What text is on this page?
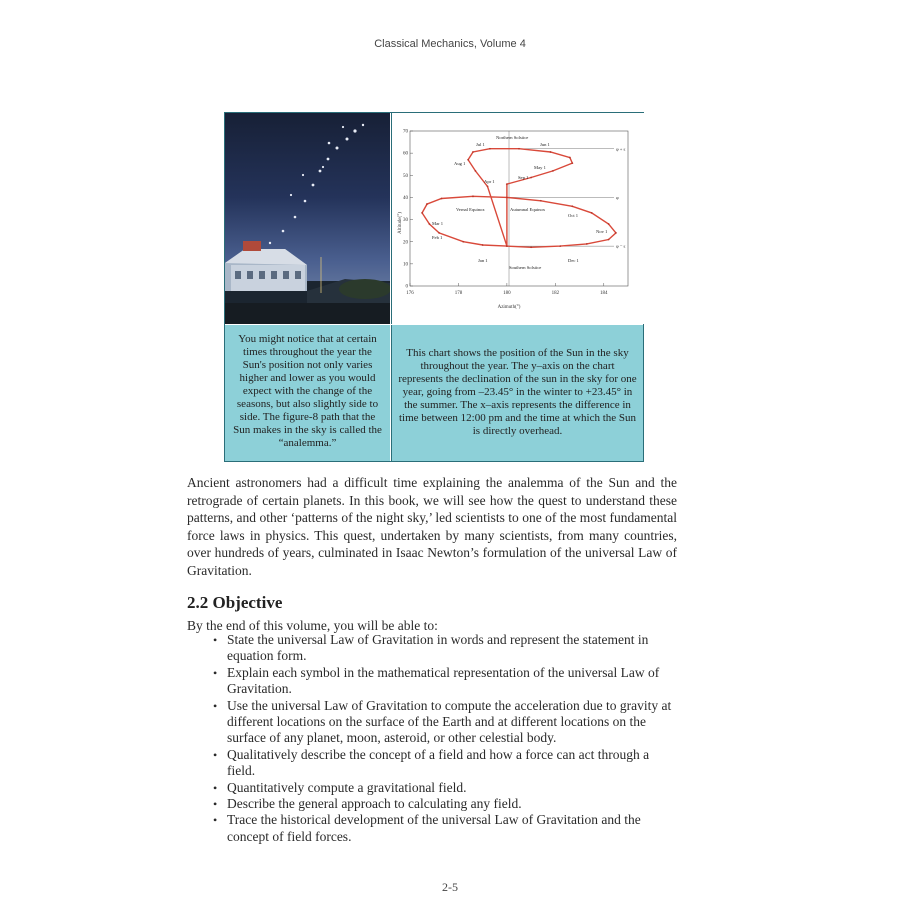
Classical Mechanics, Volume 4
φ + ε
φ
φ − ε
0
10
20
30
40
50
60
70
176	178	180	182	184
Altitude(°)
Azimuth(°)
Northern Solstice
Jul 1	Jun 1
Aug 1
May 1
Sep 1
Apr 1
Vernal Equinox	Autumnal Equinox
Oct 1
Mar 1
Nov 1
Feb 1
Jan 1	Dec 1
Southern Solstice
You might notice that at certain times throughout the year the Sun's position not only varies higher and lower as you would expect with the change of the seasons, but also slightly side to side. The figure-8 path that the Sun makes in the sky is called the “analemma.”
This chart shows the position of the Sun in the sky throughout the year. The y–axis on the chart represents the declination of the sun in the sky for one year, going from –23.45° in the winter to +23.45° in the summer. The x–axis represents the difference in time between 12:00 pm and the time at which the Sun is directly overhead.
Ancient astronomers had a difficult time explaining the analemma of the Sun and the retrograde of certain planets. In this book, we will see how the quest to understand these patterns, and other ‘patterns of the night sky,’ led scientists to one of the most fundamental force laws in physics. This quest, undertaken by many scientists, from many countries, over hundreds of years, culminated in Isaac Newton’s formulation of the universal Law of Gravitation.
2.2 Objective
By the end of this volume, you will be able to:
• State the universal Law of Gravitation in words and represent the statement in equation form.
• Explain each symbol in the mathematical representation of the universal Law of Gravitation.
• Use the universal Law of Gravitation to compute the acceleration due to gravity at different locations on the surface of the Earth and at different locations on the surface of any planet, moon, asteroid, or other celestial body.
• Qualitatively describe the concept of a field and how a force can act through a field.
• Quantitatively compute a gravitational field.
• Describe the general approach to calculating any field.
• Trace the historical development of the universal Law of Gravitation and the concept of field forces.
2-5
